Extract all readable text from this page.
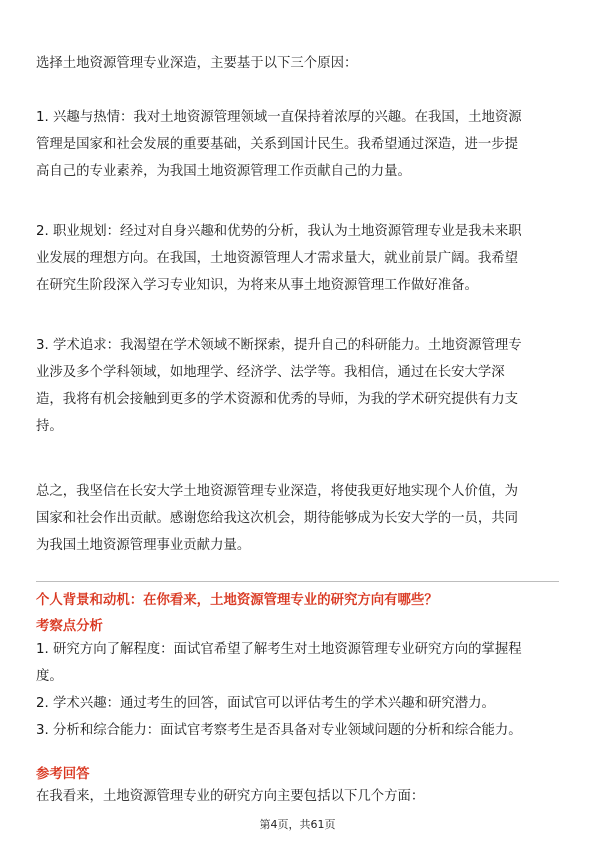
选择土地资源管理专业深造，主要基于以下三个原因：

1. 兴趣与热情：我对土地资源管理领域一直保持着浓厚的兴趣。在我国，土地资源
管理是国家和社会发展的重要基础，关系到国计民生。我希望通过深造，进一步提
高自己的专业素养，为我国土地资源管理工作贡献自己的力量。

2. 职业规划：经过对自身兴趣和优势的分析，我认为土地资源管理专业是我未来职
业发展的理想方向。在我国，土地资源管理人才需求量大，就业前景广阔。我希望
在研究生阶段深入学习专业知识，为将来从事土地资源管理工作做好准备。

3. 学术追求：我渴望在学术领域不断探索，提升自己的科研能力。土地资源管理专
业涉及多个学科领域，如地理学、经济学、法学等。我相信，通过在长安大学深
造，我将有机会接触到更多的学术资源和优秀的导师，为我的学术研究提供有力支
持。

总之，我坚信在长安大学土地资源管理专业深造，将使我更好地实现个人价值，为
国家和社会作出贡献。感谢您给我这次机会，期待能够成为长安大学的一员，共同
为我国土地资源管理事业贡献力量。

个人背景和动机：在你看来，土地资源管理专业的研究方向有哪些？
考察点分析

1. 研究方向了解程度：面试官希望了解考生对土地资源管理专业研究方向的掌握程
度。
2. 学术兴趣：通过考生的回答，面试官可以评估考生的学术兴趣和研究潜力。
3. 分析和综合能力：面试官考察考生是否具备对专业领域问题的分析和综合能力。

参考回答

在我看来，土地资源管理专业的研究方向主要包括以下几个方面：

第4页，共61页
